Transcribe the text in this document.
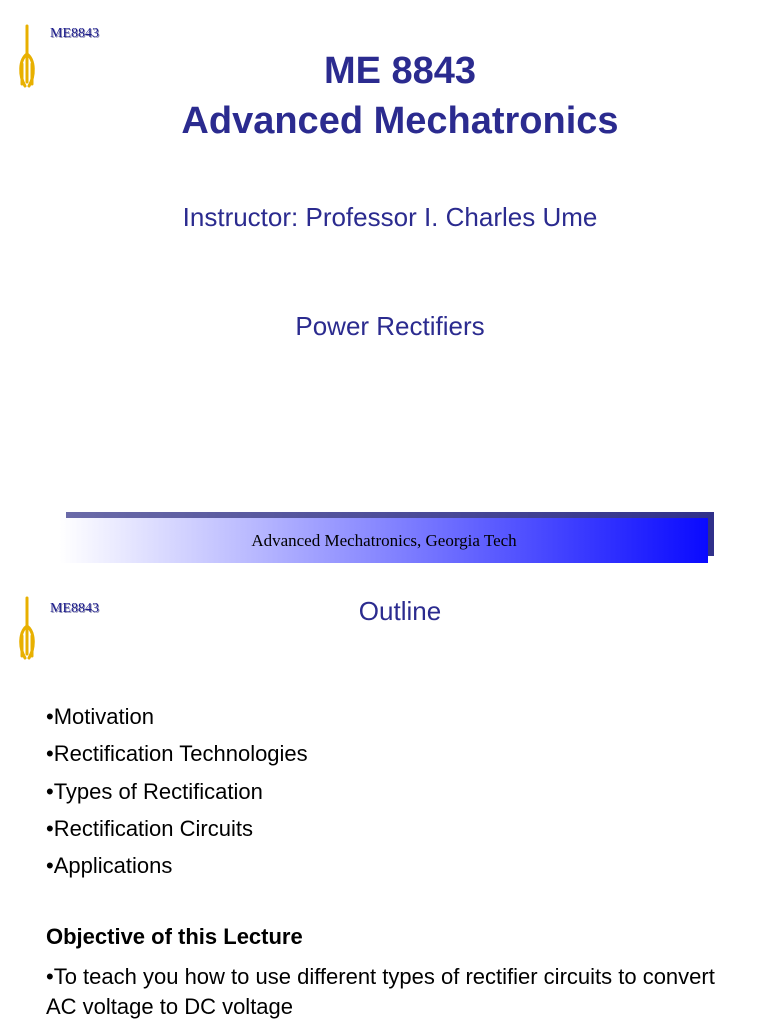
ME8843
ME 8843
Advanced Mechatronics
Instructor: Professor I. Charles Ume
Power Rectifiers
Advanced Mechatronics, Georgia Tech
ME8843	Outline
•Motivation
•Rectification Technologies
•Types of Rectification
•Rectification Circuits
•Applications
Objective of this Lecture
•To teach you how to use different types of rectifier circuits to convert AC voltage to DC voltage
